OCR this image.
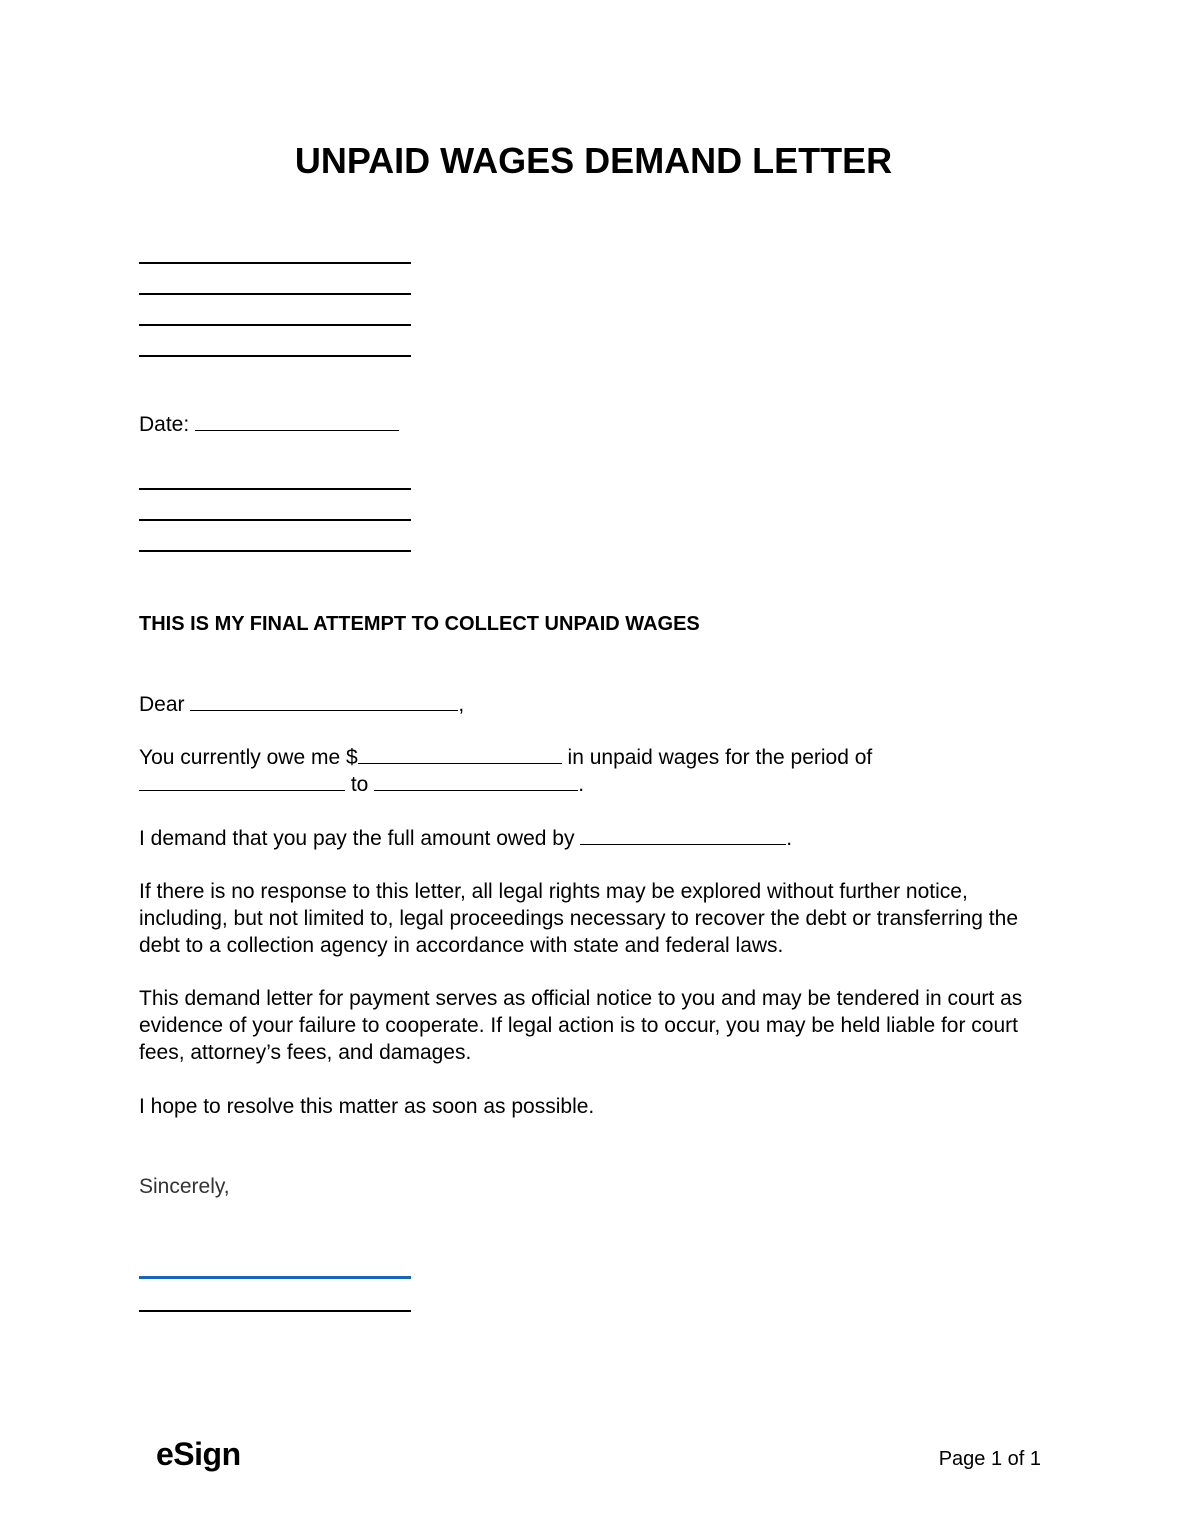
UNPAID WAGES DEMAND LETTER
Date:
THIS IS MY FINAL ATTEMPT TO COLLECT UNPAID WAGES
Dear	,
You currently owe me $	in unpaid wages for the period of
to	.
I demand that you pay the full amount owed by	.
If there is no response to this letter, all legal rights may be explored without further notice, including, but not limited to, legal proceedings necessary to recover the debt or transferring the debt to a collection agency in accordance with state and federal laws.
This demand letter for payment serves as official notice to you and may be tendered in court as evidence of your failure to cooperate. If legal action is to occur, you may be held liable for court fees, attorney’s fees, and damages.
I hope to resolve this matter as soon as possible.
Sincerely,
eSign	Page 1 of 1
